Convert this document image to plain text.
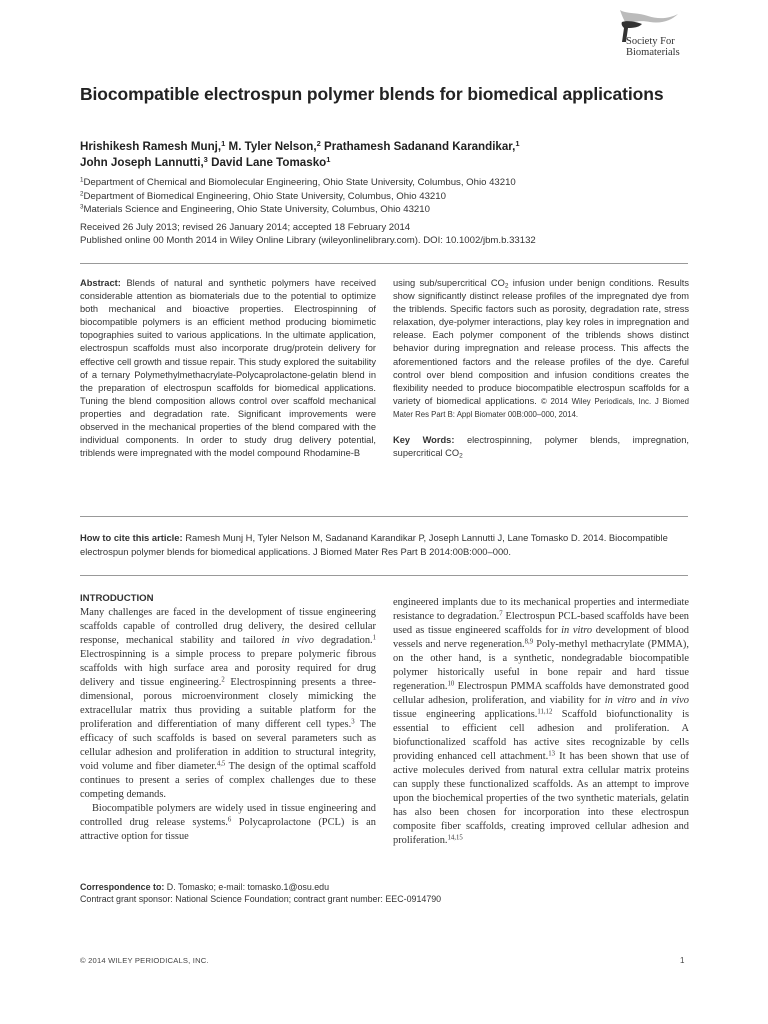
Society For
Biomaterials
Biocompatible electrospun polymer blends for biomedical applications
Hrishikesh Ramesh Munj,$^1$ M. Tyler Nelson,$^2$ Prathamesh Sadanand Karandikar,$^1$
John Joseph Lannutti,$^3$ David Lane Tomasko$^1$
$^1$Department of Chemical and Biomolecular Engineering, Ohio State University, Columbus, Ohio 43210
$^2$Department of Biomedical Engineering, Ohio State University, Columbus, Ohio 43210
$^3$Materials Science and Engineering, Ohio State University, Columbus, Ohio 43210
Received 26 July 2013; revised 26 January 2014; accepted 18 February 2014
Published online 00 Month 2014 in Wiley Online Library (wileyonlinelibrary.com). DOI: 10.1002/jbm.b.33132
Abstract: Blends of natural and synthetic polymers have received considerable attention as biomaterials due to the potential to optimize both mechanical and bioactive properties. Electrospinning of biocompatible polymers is an efficient method producing biomimetic topographies suited to various applications. In the ultimate application, electrospun scaffolds must also incorporate drug/protein delivery for effective cell growth and tissue repair. This study explored the suitability of a ternary Polymethylmethacrylate-Polycaprolactone-gelatin blend in the preparation of electrospun scaffolds for biomedical applications. Tuning the blend composition allows control over scaffold mechanical properties and degradation rate. Significant improvements were observed in the mechanical properties of the blend compared with the individual components. In order to study drug delivery potential, triblends were impregnated with the model compound Rhodamine-B
using sub/supercritical $CO_2$ infusion under benign conditions. Results show significantly distinct release profiles of the impregnated dye from the triblends. Specific factors such as porosity, degradation rate, stress relaxation, dye-polymer interactions, play key roles in impregnation and release. Each polymer component of the triblends shows distinct behavior during impregnation and release process. This affects the aforementioned factors and the release profiles of the dye. Careful control over blend composition and infusion conditions creates the flexibility needed to produce biocompatible electrospun scaffolds for a variety of biomedical applications. © 2014 Wiley Periodicals, Inc. J Biomed Mater Res Part B: Appl Biomater 00B:000–000, 2014.
Key Words: electrospinning, polymer blends, impregnation, supercritical $CO_2$
How to cite this article: Ramesh Munj H, Tyler Nelson M, Sadanand Karandikar P, Joseph Lannutti J, Lane Tomasko D. 2014. Biocompatible electrospun polymer blends for biomedical applications. J Biomed Mater Res Part B 2014:00B:000–000.
INTRODUCTION

Many challenges are faced in the development of tissue engineering scaffolds capable of controlled drug delivery, the desired cellular response, mechanical stability and tailored in vivo degradation.$^1$ Electrospinning is a simple process to prepare polymeric fibrous scaffolds with high surface area and porosity required for drug delivery and tissue engineering.$^2$ Electrospinning presents a three-dimensional, porous microenvironment closely mimicking the extracellular matrix thus providing a suitable platform for the proliferation and differentiation of many different cell types.$^3$ The efficacy of such scaffolds is based on several parameters such as cellular adhesion and proliferation in addition to structural integrity, void volume and fiber diameter.$^{4,5}$ The design of the optimal scaffold continues to present a series of complex challenges due to these competing demands.

Biocompatible polymers are widely used in tissue engineering and controlled drug release systems.$^6$ Polycaprolactone (PCL) is an attractive option for tissue

engineered implants due to its mechanical properties and intermediate resistance to degradation.$^7$ Electrospun PCL-based scaffolds have been used as tissue engineered scaffolds for in vitro development of blood vessels and nerve regeneration.$^{8,9}$ Poly-methyl methacrylate (PMMA), on the other hand, is a synthetic, nondegradable biocompatible polymer historically useful in bone repair and hard tissue regeneration.$^{10}$ Electrospun PMMA scaffolds have demonstrated good cellular adhesion, proliferation, and viability for in vitro and in vivo tissue engineering applications.$^{11,12}$ Scaffold biofunctionality is essential to efficient cell adhesion and proliferation. A biofunctionalized scaffold has active sites recognizable by cells providing enhanced cell attachment.$^{13}$ It has been shown that use of active molecules derived from natural extra cellular matrix proteins can supply these functionalized scaffolds. As an attempt to improve upon the biochemical properties of the two synthetic materials, gelatin has also been chosen for incorporation into these electrospun composite fiber scaffolds, creating improved cellular adhesion and proliferation.$^{14,15}$

Correspondence to: D. Tomasko; e-mail: tomasko.1@osu.edu
Contract grant sponsor: National Science Foundation; contract grant number: EEC-0914790
© 2014 WILEY PERIODICALS, INC.	1
